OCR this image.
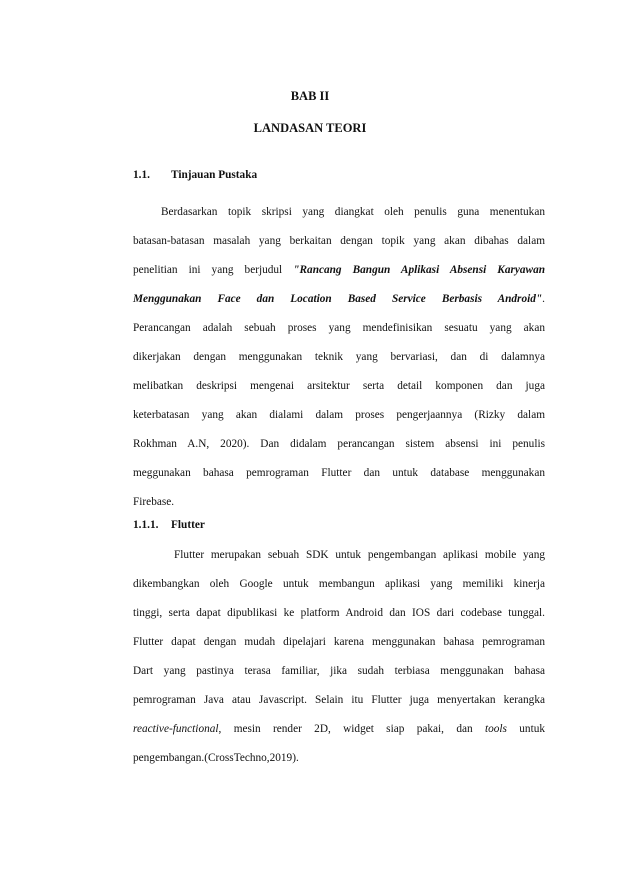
BAB II
LANDASAN TEORI
1.1. Tinjauan Pustaka
Berdasarkan topik skripsi yang diangkat oleh penulis guna menentukan
batasan-batasan masalah yang berkaitan dengan topik yang akan dibahas dalam
penelitian ini yang berjudul "Rancang Bangun Aplikasi Absensi Karyawan
Menggunakan Face dan Location Based Service Berbasis Android".
Perancangan adalah sebuah proses yang mendefinisikan sesuatu yang akan
dikerjakan dengan menggunakan teknik yang bervariasi, dan di dalamnya
melibatkan deskripsi mengenai arsitektur serta detail komponen dan juga
keterbatasan yang akan dialami dalam proses pengerjaannya (Rizky dalam
Rokhman A.N, 2020). Dan didalam perancangan sistem absensi ini penulis
meggunakan bahasa pemrograman Flutter dan untuk database menggunakan
Firebase.
1.1.1. Flutter
Flutter merupakan sebuah SDK untuk pengembangan aplikasi mobile yang
dikembangkan oleh Google untuk membangun aplikasi yang memiliki kinerja
tinggi, serta dapat dipublikasi ke platform Android dan IOS dari codebase tunggal.
Flutter dapat dengan mudah dipelajari karena menggunakan bahasa pemrograman
Dart yang pastinya terasa familiar, jika sudah terbiasa menggunakan bahasa
pemrograman Java atau Javascript. Selain itu Flutter juga menyertakan kerangka
reactive-functional, mesin render 2D, widget siap pakai, dan tools untuk
pengembangan.(CrossTechno,2019).
